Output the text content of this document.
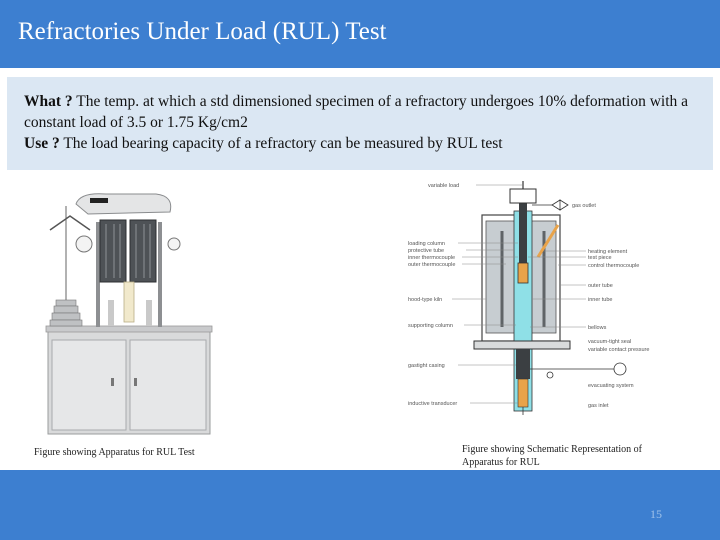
Refractories Under Load (RUL) Test
What ? The temp. at which a std dimensioned specimen of a refractory undergoes 10% deformation with a constant load of 3.5 or 1.75 Kg/cm2
Use ? The load bearing capacity of a refractory can be measured by RUL test
variable load
loading column
protective tube
inner thermocouple
outer thermocouple
hood-type kiln
supporting column
gastight casing
inductive transducer
gas outlet
heating element
test piece
control thermocouple
outer tube
inner tube
bellows
vacuum-tight seal
variable contact pressure
evacuating system
gas inlet
Figure showing Apparatus for RUL Test	Figure showing Schematic Representation of Apparatus for RUL
15
